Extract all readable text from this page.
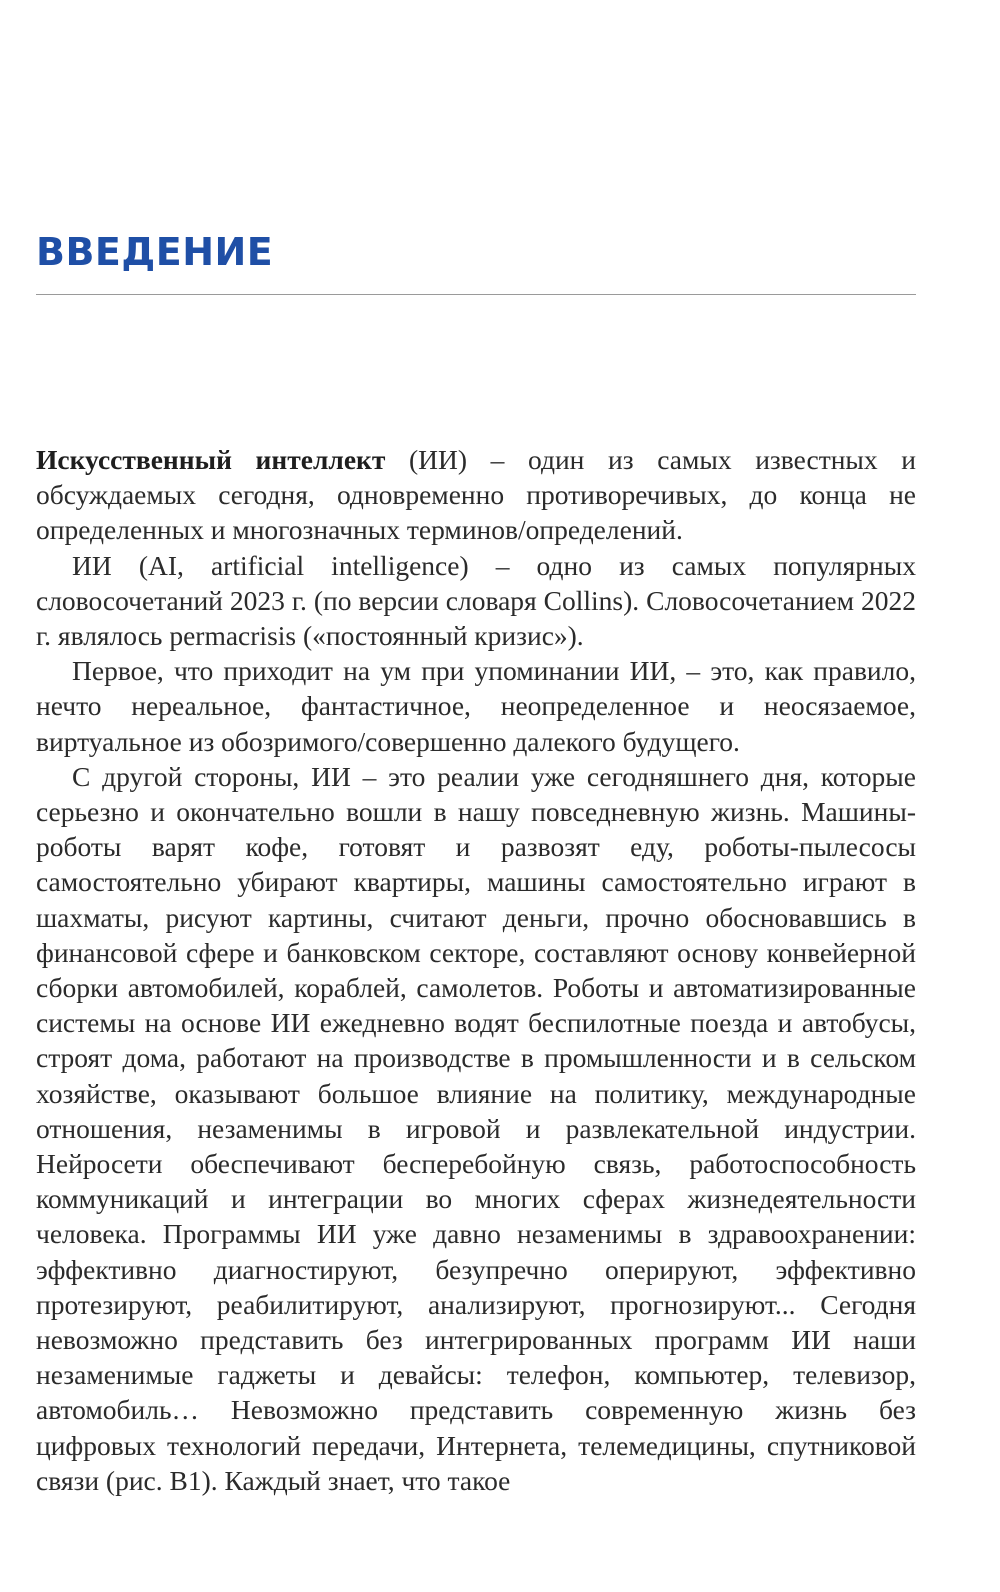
ВВЕДЕНИЕ

Искусственный интеллект (ИИ) – один из самых известных и обсуждаемых сегодня, одновременно противоречивых, до конца не определенных и многозначных терминов/определений.

ИИ (AI, artificial intelligence) – одно из самых популярных словосочетаний 2023 г. (по версии словаря Collins). Словосочетанием 2022 г. являлось permacrisis («постоянный кризис»).

Первое, что приходит на ум при упоминании ИИ, – это, как правило, нечто нереальное, фантастичное, неопределенное и неосязаемое, виртуальное из обозримого/совершенно далекого будущего.

С другой стороны, ИИ – это реалии уже сегодняшнего дня, которые серьезно и окончательно вошли в нашу повседневную жизнь. Машины-роботы варят кофе, готовят и развозят еду, роботы-пылесосы самостоятельно убирают квартиры, машины самостоятельно играют в шахматы, рисуют картины, считают деньги, прочно обосновавшись в финансовой сфере и банковском секторе, составляют основу конвейерной сборки автомобилей, кораблей, самолетов. Роботы и автоматизированные системы на основе ИИ ежедневно водят беспилотные поезда и автобусы, строят дома, работают на производстве в промышленности и в сельском хозяйстве, оказывают большое влияние на политику, международные отношения, незаменимы в игровой и развлекательной индустрии. Нейросети обеспечивают бесперебойную связь, работоспособность коммуникаций и интеграции во многих сферах жизнедеятельности человека. Программы ИИ уже давно незаменимы в здравоохранении: эффективно диагностируют, безупречно оперируют, эффективно протезируют, реабилитируют, анализируют, прогнозируют... Сегодня невозможно представить без интегрированных программ ИИ наши незаменимые гаджеты и девайсы: телефон, компьютер, телевизор, автомобиль… Невозможно представить современную жизнь без цифровых технологий передачи, Интернета, телемедицины, спутниковой связи (рис. В1). Каждый знает, что такое
